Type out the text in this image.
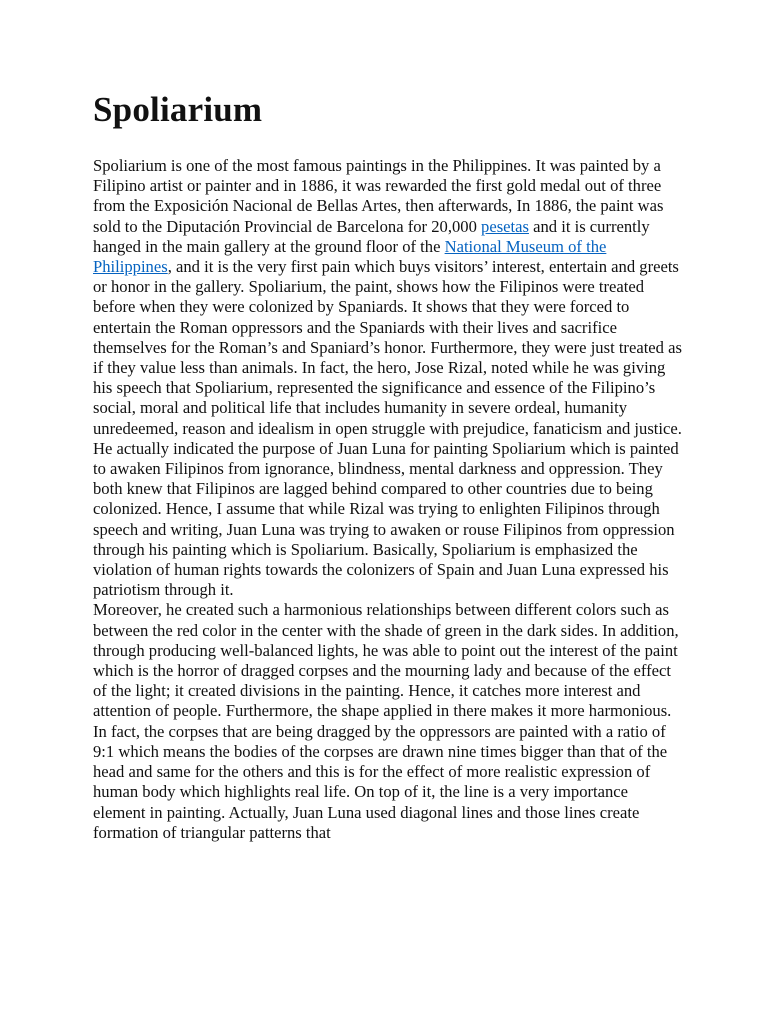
Spoliarium

Spoliarium is one of the most famous paintings in the Philippines. It was painted by a Filipino artist or painter and in 1886, it was rewarded the first gold medal out of three from the Exposición Nacional de Bellas Artes, then afterwards, In 1886, the paint was sold to the Diputación Provincial de Barcelona for 20,000 pesetas and it is currently hanged in the main gallery at the ground floor of the National Museum of the Philippines, and it is the very first pain which buys visitors’ interest, entertain and greets or honor in the gallery. Spoliarium, the paint, shows how the Filipinos were treated before when they were colonized by Spaniards. It shows that they were forced to entertain the Roman oppressors and the Spaniards with their lives and sacrifice themselves for the Roman’s and Spaniard’s honor. Furthermore, they were just treated as if they value less than animals. In fact, the hero, Jose Rizal, noted while he was giving his speech that Spoliarium, represented the significance and essence of the Filipino’s social, moral and political life that includes humanity in severe ordeal, humanity unredeemed, reason and idealism in open struggle with prejudice, fanaticism and justice. He actually indicated the purpose of Juan Luna for painting Spoliarium which is painted to awaken Filipinos from ignorance, blindness, mental darkness and oppression. They both knew that Filipinos are lagged behind compared to other countries due to being colonized. Hence, I assume that while Rizal was trying to enlighten Filipinos through speech and writing, Juan Luna was trying to awaken or rouse Filipinos from oppression through his painting which is Spoliarium. Basically, Spoliarium is emphasized the violation of human rights towards the colonizers of Spain and Juan Luna expressed his patriotism through it.

Moreover, he created such a harmonious relationships between different colors such as between the red color in the center with the shade of green in the dark sides. In addition, through producing well-balanced lights, he was able to point out the interest of the paint which is the horror of dragged corpses and the mourning lady and because of the effect of the light; it created divisions in the painting. Hence, it catches more interest and attention of people. Furthermore, the shape applied in there makes it more harmonious. In fact, the corpses that are being dragged by the oppressors are painted with a ratio of 9:1 which means the bodies of the corpses are drawn nine times bigger than that of the head and same for the others and this is for the effect of more realistic expression of human body which highlights real life. On top of it, the line is a very importance element in painting. Actually, Juan Luna used diagonal lines and those lines create formation of triangular patterns that
